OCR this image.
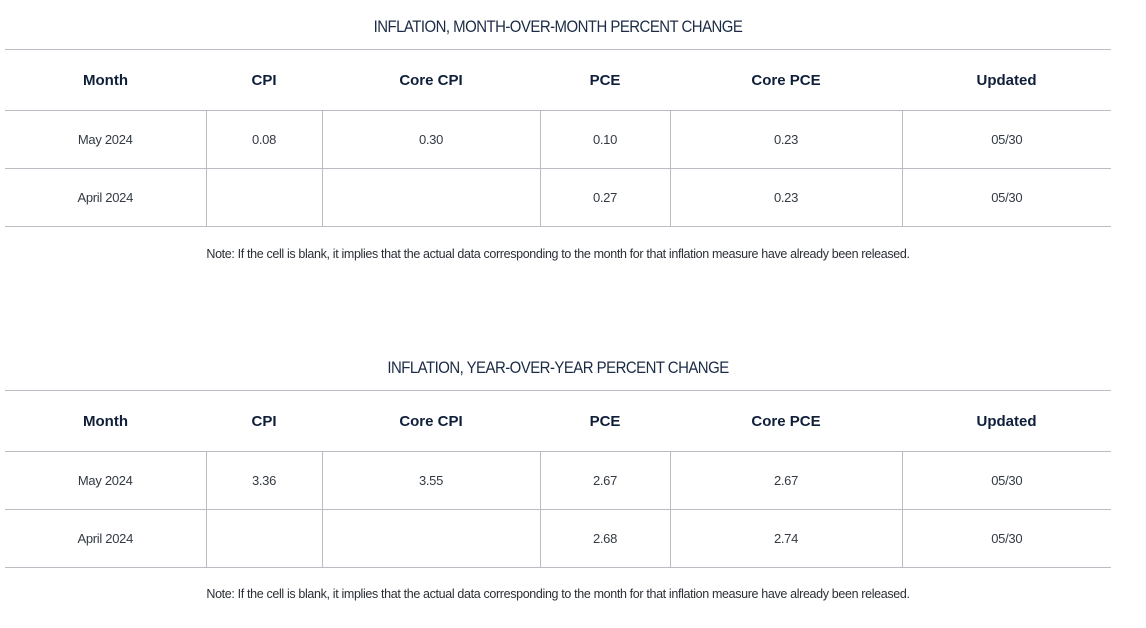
INFLATION, MONTH-OVER-MONTH PERCENT CHANGE
Month	CPI	Core CPI	PCE	Core PCE	Updated
May 2024	0.08	0.30	0.10	0.23	05/30
April 2024			0.27	0.23	05/30
Note: If the cell is blank, it implies that the actual data corresponding to the month for that inflation measure have already been released.
INFLATION, YEAR-OVER-YEAR PERCENT CHANGE
Month	CPI	Core CPI	PCE	Core PCE	Updated
May 2024	3.36	3.55	2.67	2.67	05/30
April 2024			2.68	2.74	05/30
Note: If the cell is blank, it implies that the actual data corresponding to the month for that inflation measure have already been released.
